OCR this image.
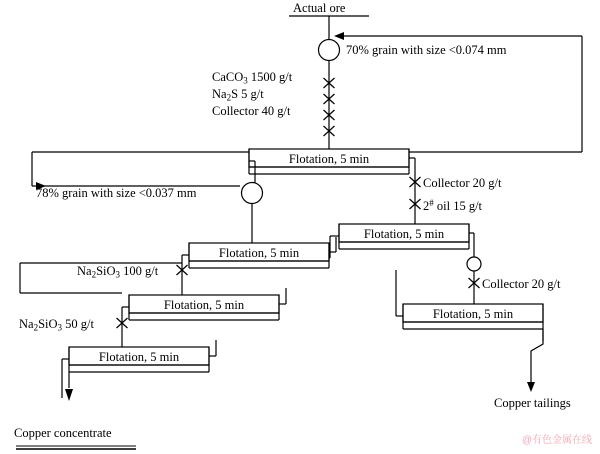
Actual ore
70% grain with size <0.074 mm
78% grain with size <0.037 mm
CaCO$_3$ 1500 g/t
$Na_2S$ 5 g/t
Collector 40 g/t
Collector 20 g/t
2# oil 15 g/t
Collector 20 g/t
$Na_2SiO_3$ 100 g/t
$Na_2SiO_3$ 50 g/t
Flotation, 5 min
Flotation, 5 min
Flotation, 5 min
Flotation, 5 min
Flotation, 5 min
Flotation, 5 min
Copper tailings
Copper concentrate
@有色金属在线
